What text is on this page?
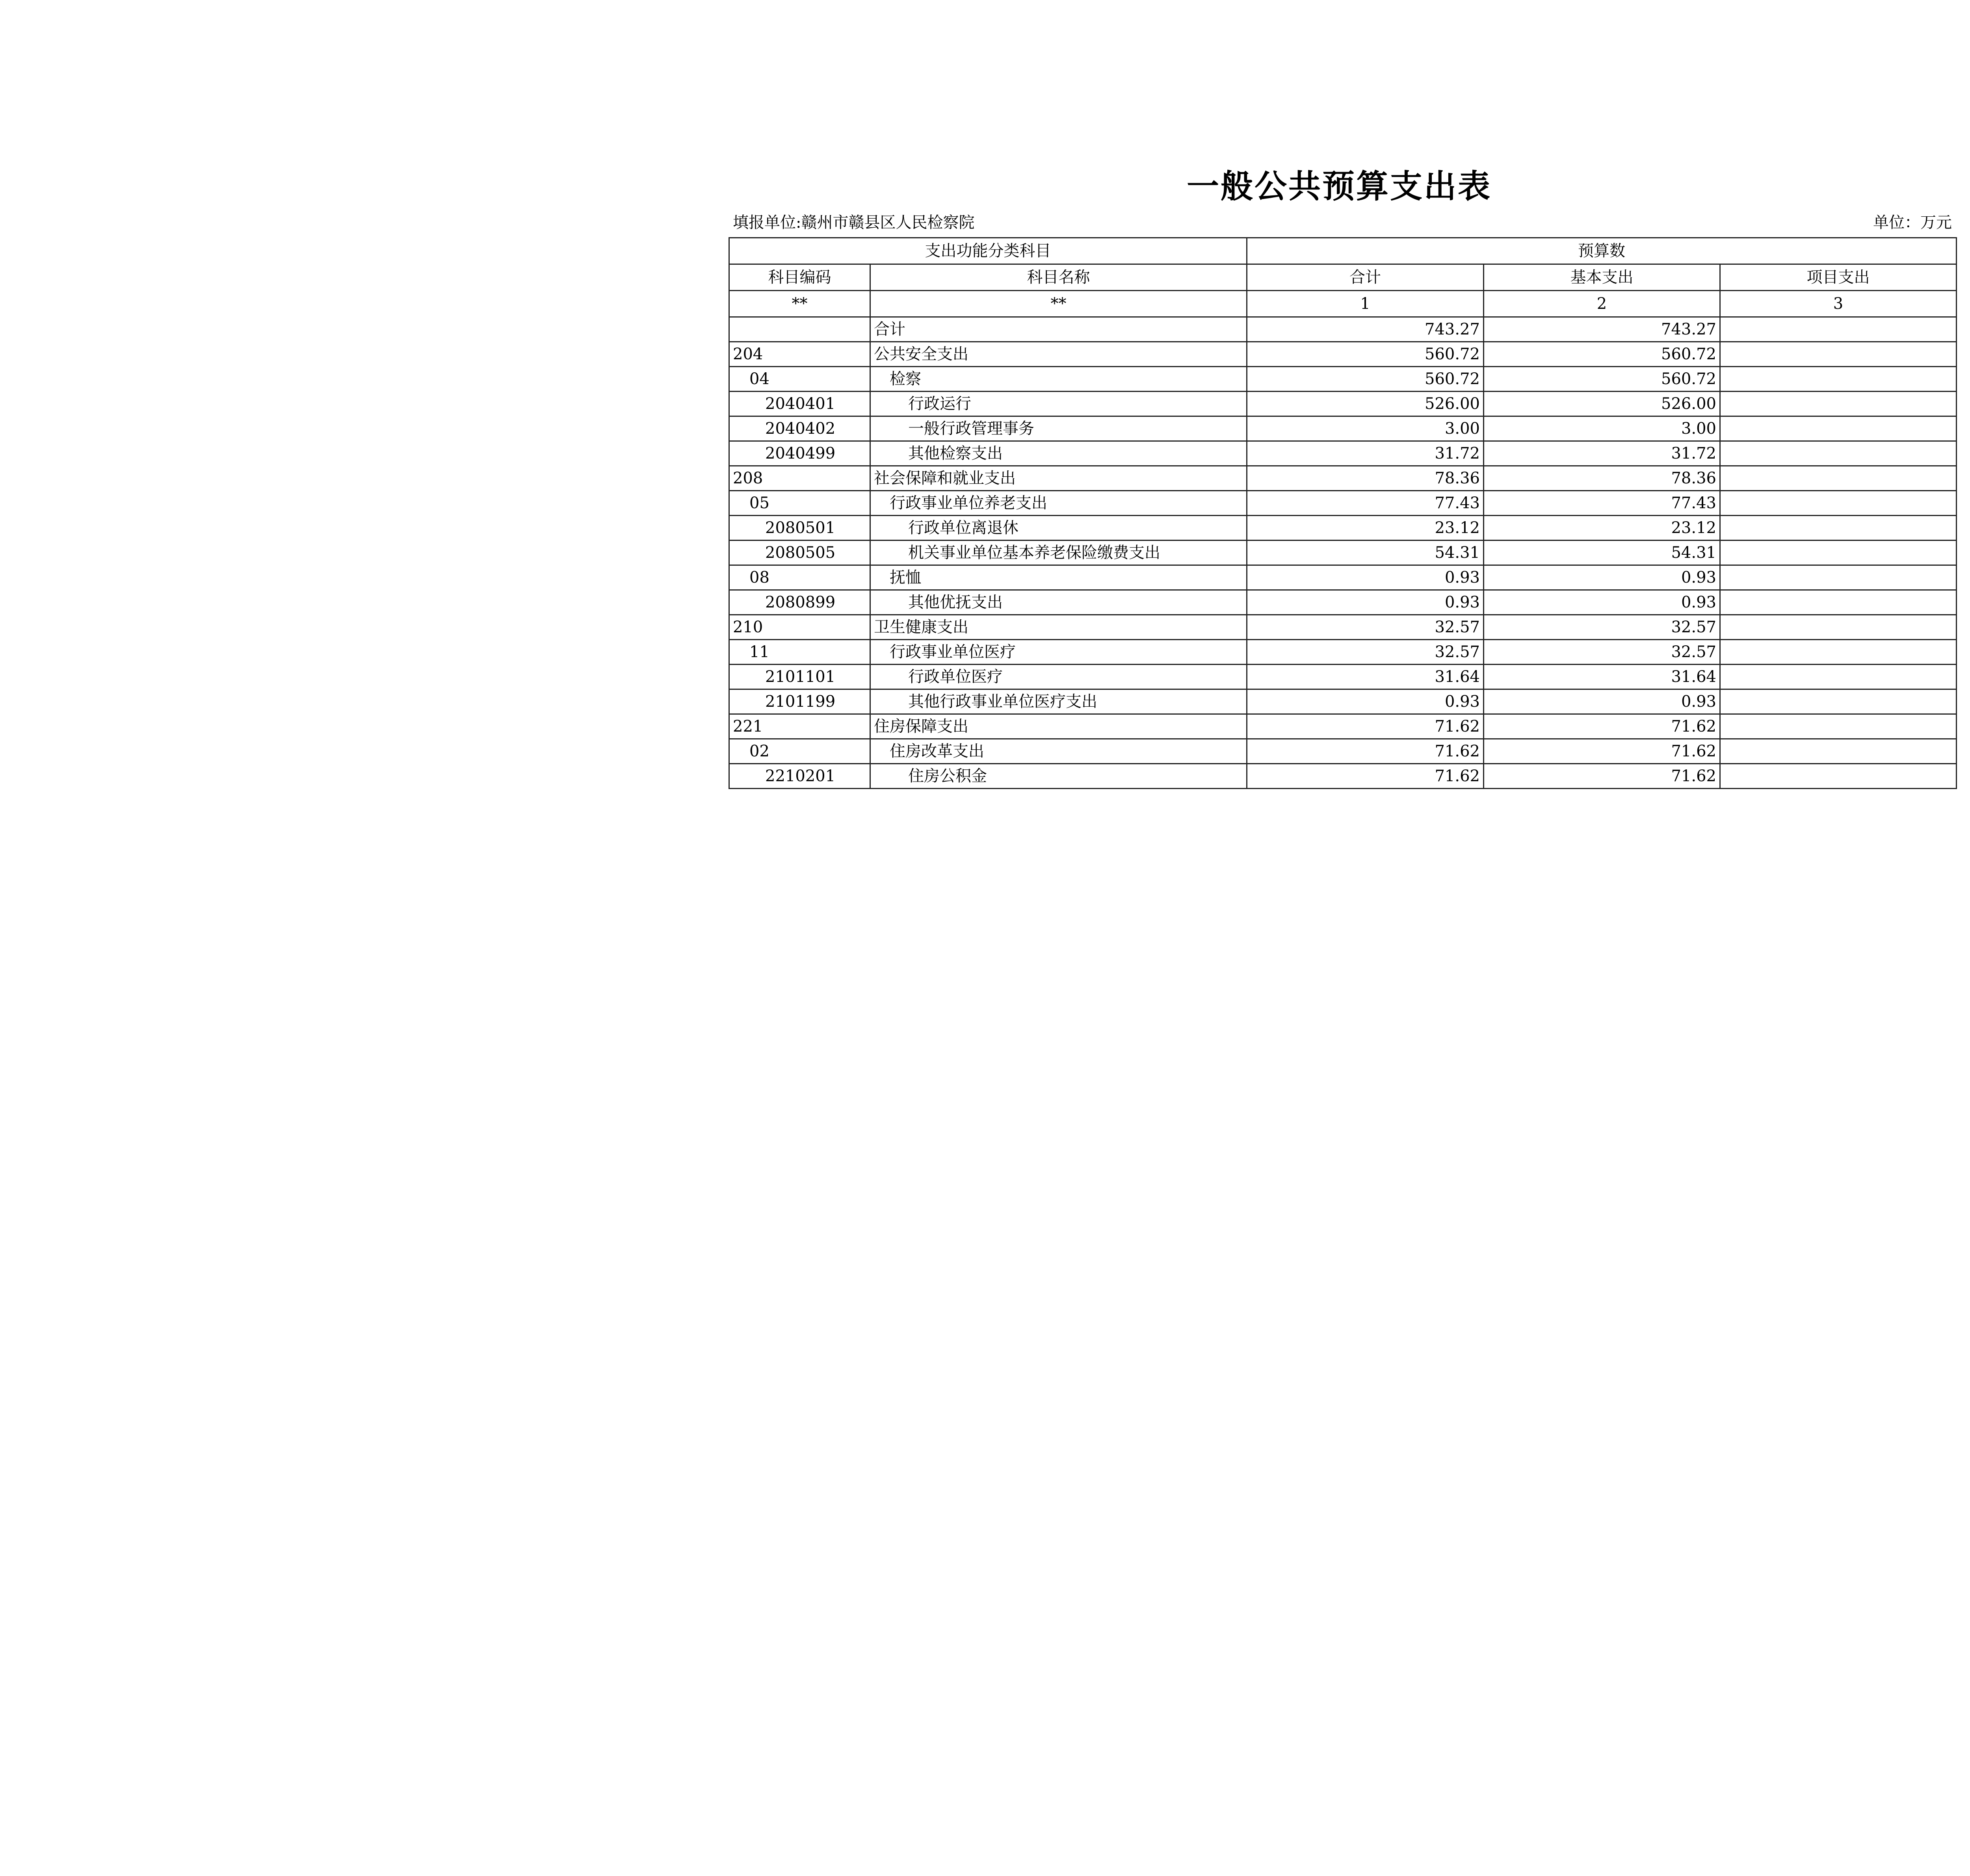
一般公共预算支出表
填报单位:赣州市赣县区人民检察院	单位：万元
支出功能分类科目		预算数		
科目编码	科目名称	合计	基本支出	项目支出
**	**	1	2	3
	合计	743.27	743.27	
204	公共安全支出	560.72	560.72	
04	检察	560.72	560.72	
2040401	行政运行	526.00	526.00	
2040402	一般行政管理事务	3.00	3.00	
2040499	其他检察支出	31.72	31.72	
208	社会保障和就业支出	78.36	78.36	
05	行政事业单位养老支出	77.43	77.43	
2080501	行政单位离退休	23.12	23.12	
2080505	机关事业单位基本养老保险缴费支出	54.31	54.31	
08	抚恤	0.93	0.93	
2080899	其他优抚支出	0.93	0.93	
210	卫生健康支出	32.57	32.57	
11	行政事业单位医疗	32.57	32.57	
2101101	行政单位医疗	31.64	31.64	
2101199	其他行政事业单位医疗支出	0.93	0.93	
221	住房保障支出	71.62	71.62	
02	住房改革支出	71.62	71.62	
2210201	住房公积金	71.62	71.62	
